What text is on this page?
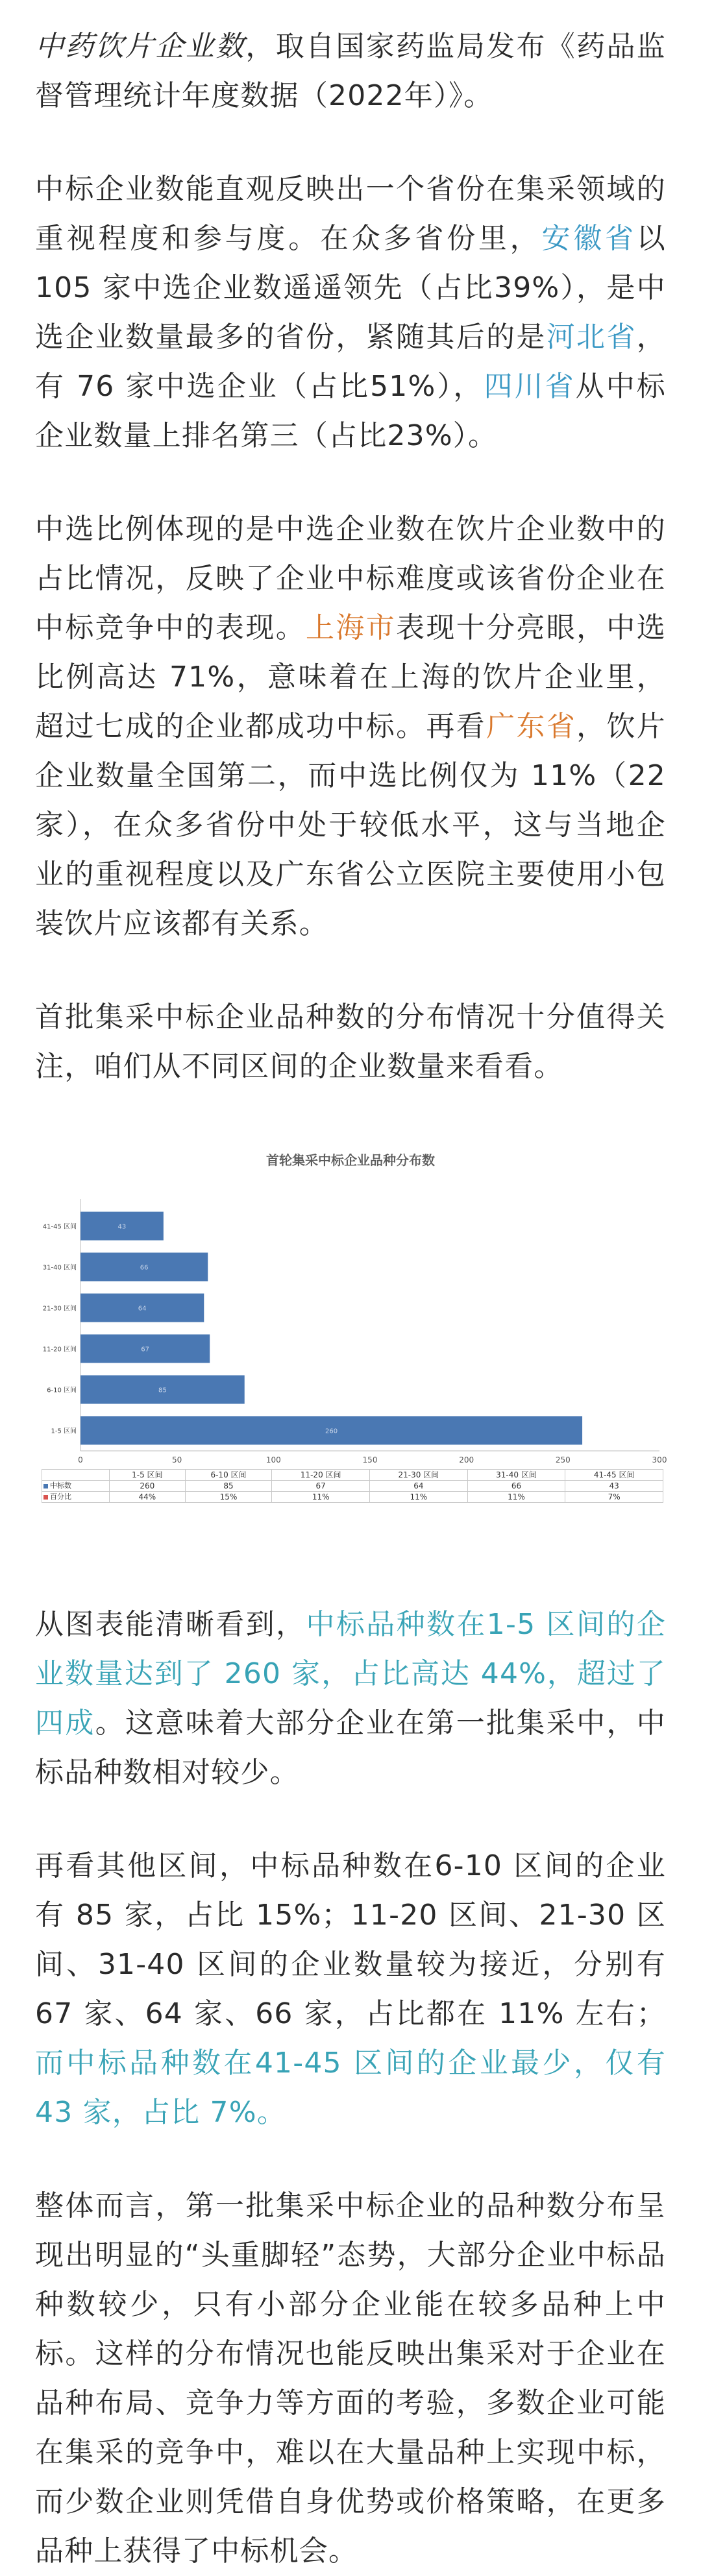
中药饮片企业数，取自国家药监局发布《药品监督管理统计年度数据（2022年）》。

中标企业数能直观反映出一个省份在集采领域的重视程度和参与度。在众多省份里，安徽省以 105 家中选企业数遥遥领先（占比39%），是中选企业数量最多的省份，紧随其后的是河北省，有 76 家中选企业（占比51%），四川省从中标企业数量上排名第三（占比23%）。

中选比例体现的是中选企业数在饮片企业数中的占比情况，反映了企业中标难度或该省份企业在中标竞争中的表现。上海市表现十分亮眼，中选比例高达 71%，意味着在上海的饮片企业里，超过七成的企业都成功中标。再看广东省，饮片企业数量全国第二，而中选比例仅为 11%（22家），在众多省份中处于较低水平，这与当地企业的重视程度以及广东省公立医院主要使用小包装饮片应该都有关系。

首批集采中标企业品种数的分布情况十分值得关注，咱们从不同区间的企业数量来看看。

首轮集采中标企业品种分布数
0	50	100	150	200	250	300
1-5 区间	260
6-10 区间	85
11-20 区间	67
21-30 区间	64
31-40 区间	66
41-45 区间	43
	1-5 区间	6-10 区间	11-20 区间	21-30 区间	31-40 区间	41-45 区间
中标数	260	85	67	64	66	43
百分比	44%	15%	11%	11%	11%	7%

从图表能清晰看到，中标品种数在1-5 区间的企业数量达到了 260 家，占比高达 44%，超过了四成。这意味着大部分企业在第一批集采中，中标品种数相对较少。

再看其他区间，中标品种数在6-10 区间的企业有 85 家，占比 15%；11-20 区间、21-30 区间、31-40 区间的企业数量较为接近，分别有 67 家、64 家、66 家，占比都在 11% 左右；而中标品种数在41-45 区间的企业最少，仅有 43 家，占比 7%。

整体而言，第一批集采中标企业的品种数分布呈现出明显的“头重脚轻”态势，大部分企业中标品种数较少，只有小部分企业能在较多品种上中标。这样的分布情况也能反映出集采对于企业在品种布局、竞争力等方面的考验，多数企业可能在集采的竞争中，难以在大量品种上实现中标，而少数企业则凭借自身优势或价格策略，在更多品种上获得了中标机会。
